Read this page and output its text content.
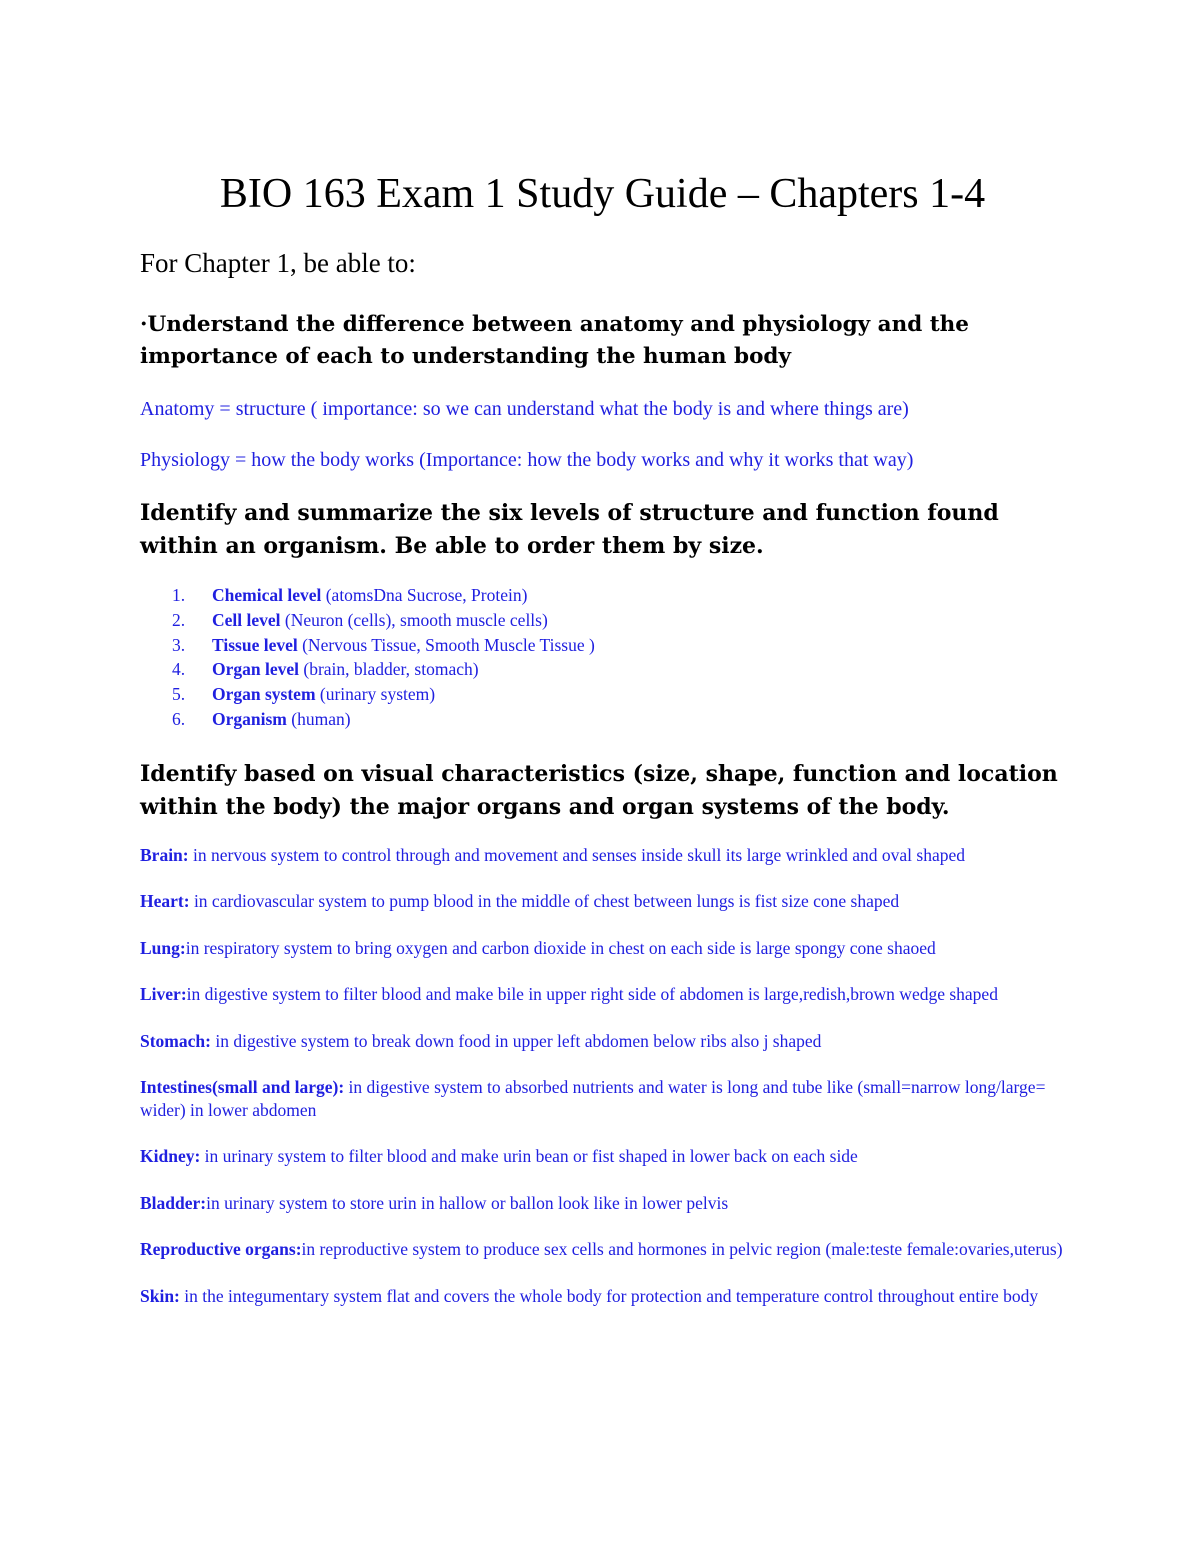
BIO 163 Exam 1 Study Guide – Chapters 1-4

For Chapter 1, be able to:

·Understand the difference between anatomy and physiology and the importance of each to understanding the human body

Anatomy = structure ( importance: so we can understand what the body is and where things are)

Physiology = how the body works (Importance: how the body works and why it works that way)

Identify and summarize the six levels of structure and function found within an organism. Be able to order them by size.

1. Chemical level (atomsDna Sucrose, Protein)
2. Cell level (Neuron (cells), smooth muscle cells)
3. Tissue level (Nervous Tissue, Smooth Muscle Tissue )
4. Organ level (brain, bladder, stomach)
5. Organ system (urinary system)
6. Organism (human)

Identify based on visual characteristics (size, shape, function and location within the body) the major organs and organ systems of the body.

Brain: in nervous system to control through and movement and senses inside skull its large wrinkled and oval shaped

Heart: in cardiovascular system to pump blood in the middle of chest between lungs is fist size cone shaped

Lung:in respiratory system to bring oxygen and carbon dioxide in chest on each side is large spongy cone shaoed

Liver:in digestive system to filter blood and make bile in upper right side of abdomen is large,redish,brown wedge shaped

Stomach: in digestive system to break down food in upper left abdomen below ribs also j shaped

Intestines(small and large): in digestive system to absorbed nutrients and water is long and tube like (small=narrow long/large= wider) in lower abdomen

Kidney: in urinary system to filter blood and make urin bean or fist shaped in lower back on each side

Bladder:in urinary system to store urin in hallow or ballon look like in lower pelvis

Reproductive organs:in reproductive system to produce sex cells and hormones in pelvic region (male:teste female:ovaries,uterus)

Skin: in the integumentary system flat and covers the whole body for protection and temperature control throughout entire body
